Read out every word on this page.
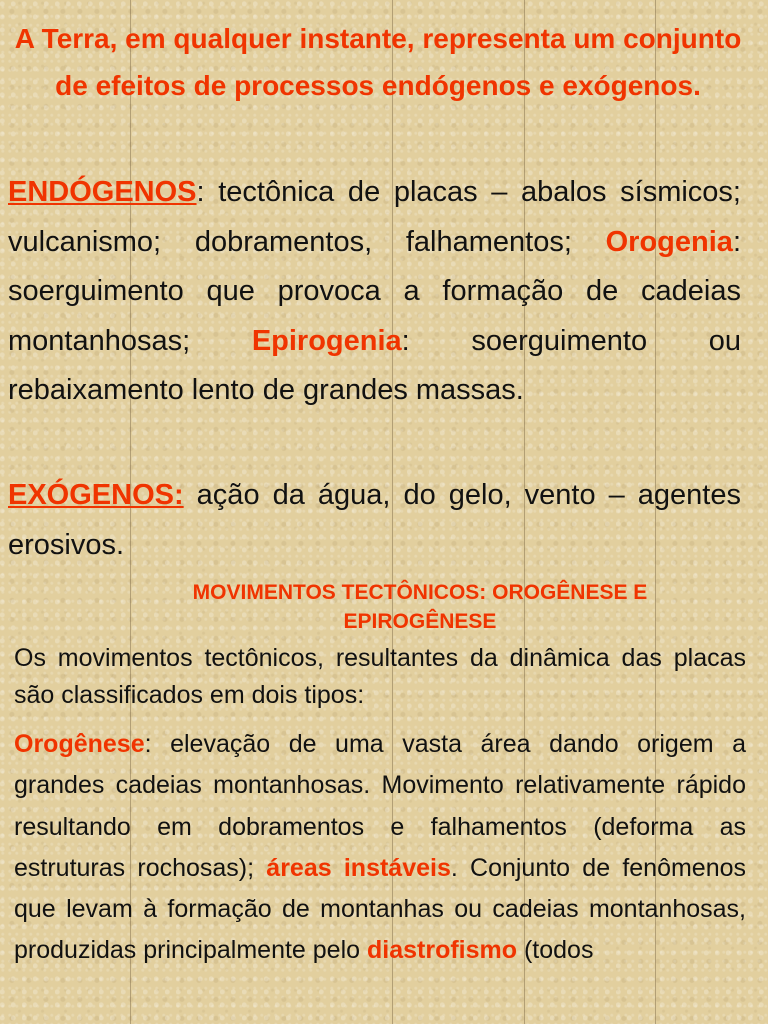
A Terra, em qualquer instante, representa um conjunto de efeitos de processos endógenos e exógenos.
ENDÓGENOS: tectônica de placas – abalos sísmicos; vulcanismo; dobramentos, falhamentos; Orogenia: soerguimento que provoca a formação de cadeias montanhosas; Epirogenia: soerguimento ou rebaixamento lento de grandes massas.
EXÓGENOS: ação da água, do gelo, vento – agentes erosivos.
MOVIMENTOS TECTÔNICOS: OROGÊNESE E EPIROGÊNESE
Os movimentos tectônicos, resultantes da dinâmica das placas são classificados em dois tipos:
Orogênese: elevação de uma vasta área dando origem a grandes cadeias montanhosas. Movimento relativamente rápido resultando em dobramentos e falhamentos (deforma as estruturas rochosas); áreas instáveis. Conjunto de fenômenos que levam à formação de montanhas ou cadeias montanhosas, produzidas principalmente pelo diastrofismo (todos
